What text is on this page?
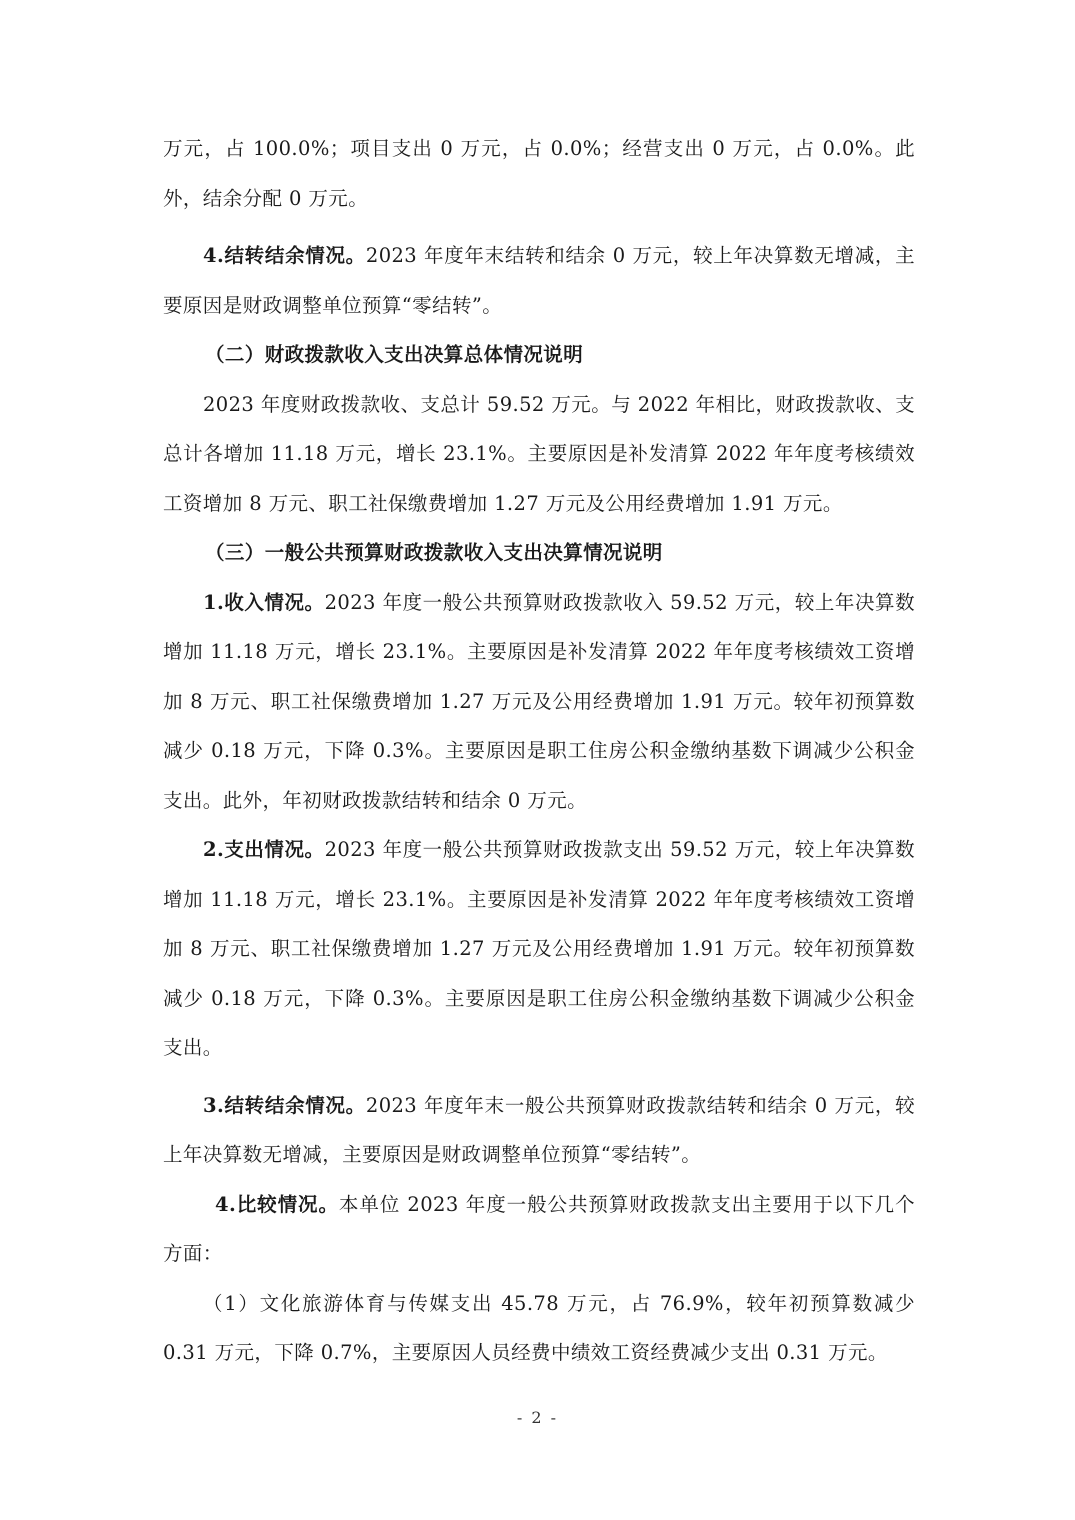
万元，占 100.0%；项目支出 0 万元，占 0.0%；经营支出 0 万元，占 0.0%。此外，结余分配 0 万元。

4.结转结余情况。2023 年度年末结转和结余 0 万元，较上年决算数无增减，主要原因是财政调整单位预算“零结转”。

（二）财政拨款收入支出决算总体情况说明

2023 年度财政拨款收、支总计 59.52 万元。与 2022 年相比，财政拨款收、支总计各增加 11.18 万元，增长 23.1%。主要原因是补发清算 2022 年年度考核绩效工资增加 8 万元、职工社保缴费增加 1.27 万元及公用经费增加 1.91 万元。

（三）一般公共预算财政拨款收入支出决算情况说明

1.收入情况。2023 年度一般公共预算财政拨款收入 59.52 万元，较上年决算数增加 11.18 万元，增长 23.1%。主要原因是补发清算 2022 年年度考核绩效工资增加 8 万元、职工社保缴费增加 1.27 万元及公用经费增加 1.91 万元。较年初预算数减少 0.18 万元，下降 0.3%。主要原因是职工住房公积金缴纳基数下调减少公积金支出。此外，年初财政拨款结转和结余 0 万元。

2.支出情况。2023 年度一般公共预算财政拨款支出 59.52 万元，较上年决算数增加 11.18 万元，增长 23.1%。主要原因是补发清算 2022 年年度考核绩效工资增加 8 万元、职工社保缴费增加 1.27 万元及公用经费增加 1.91 万元。较年初预算数减少 0.18 万元，下降 0.3%。主要原因是职工住房公积金缴纳基数下调减少公积金支出。

3.结转结余情况。2023 年度年末一般公共预算财政拨款结转和结余 0 万元，较上年决算数无增减，主要原因是财政调整单位预算“零结转”。

4.比较情况。本单位 2023 年度一般公共预算财政拨款支出主要用于以下几个方面：

（1）文化旅游体育与传媒支出 45.78 万元，占 76.9%，较年初预算数减少 0.31 万元，下降 0.7%，主要原因人员经费中绩效工资经费减少支出 0.31 万元。

- 2 -
